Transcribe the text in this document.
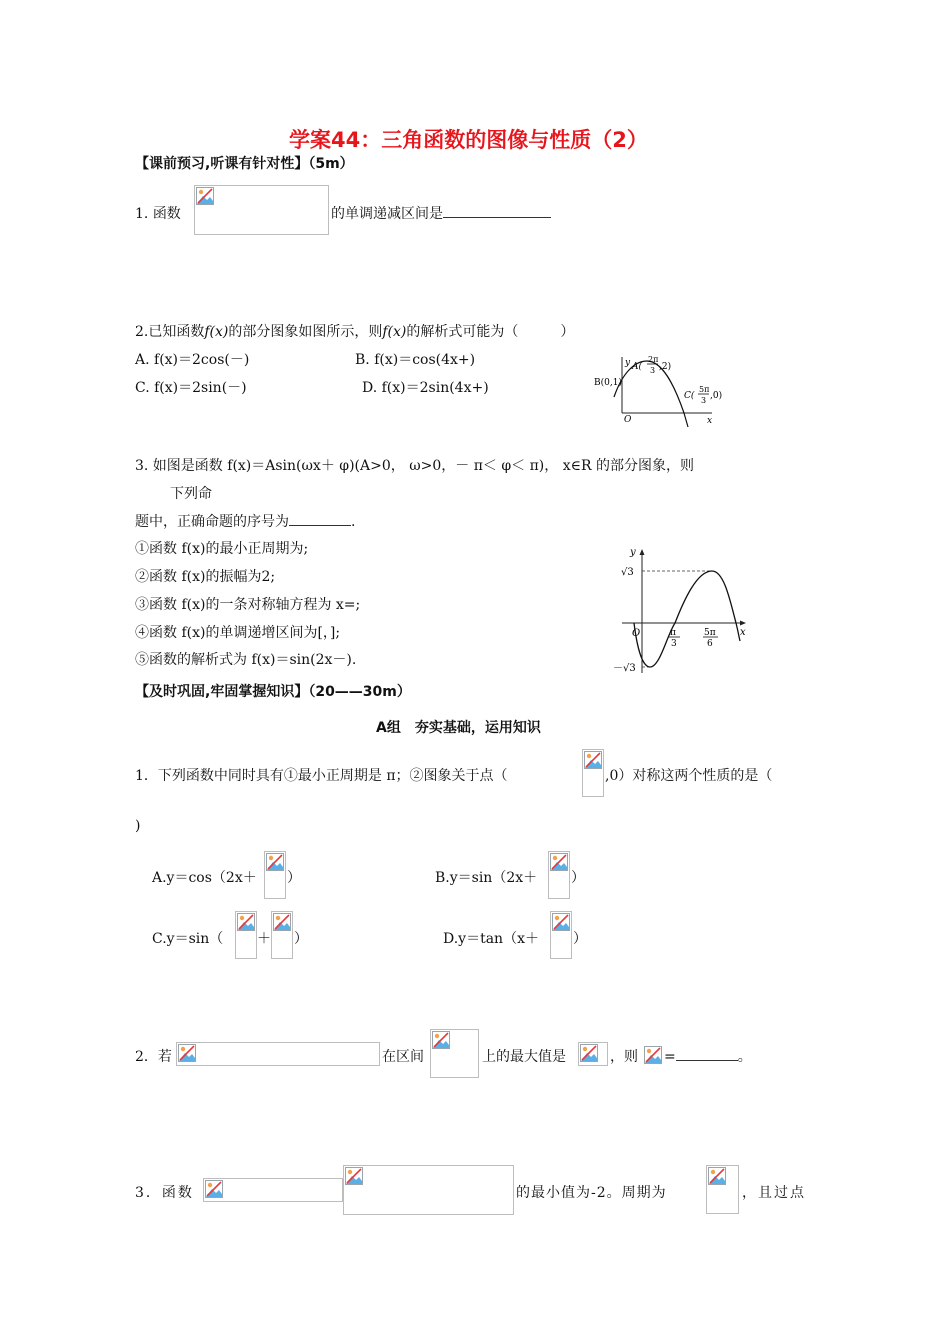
学案44：三角函数的图像与性质（2）
【课前预习,听课有针对性】（5m）
1. 函数	的单调递减区间是
2.已知函数f(x)的部分图象如图所示，则f(x)的解析式可能为（　　　）
A. f(x)＝2cos(－)	B. f(x)＝cos(4x+)
C. f(x)＝2sin(－)	D. f(x)＝2sin(4x+)
y
x
O
B(0,1)
A(
2π
3 ,2)
C(
5π
3 ,0)
3. 如图是函数 f(x)＝Asin(ωx＋ φ)(A>0， ω>0，－ π＜ φ＜ π)， x∈R 的部分图象，则
下列命
题中，正确命题的序号为	.
①函数 f(x)的最小正周期为;
②函数 f(x)的振幅为2;
③函数 f(x)的一条对称轴方程为 x=;
④函数 f(x)的单调递增区间为[，];
⑤函数的解析式为 f(x)＝sin(2x－).
y
x
O
√3
－√3
π
3
5π
6
【及时巩固,牢固掌握知识】（20——30m）
A组　夯实基础，运用知识
1．下列函数中同时具有①最小正周期是 π；②图象关于点（	,0）对称这两个性质的是（
)
A.y＝cos（2x＋ ）	B.y＝sin（2x＋ ）
C.y＝sin（ ＋ ）	D.y＝tan（x＋ ）
2．若	在区间	上的最大值是	，则 =	。
3．函数	的最小值为-2。周期为	，且过点
